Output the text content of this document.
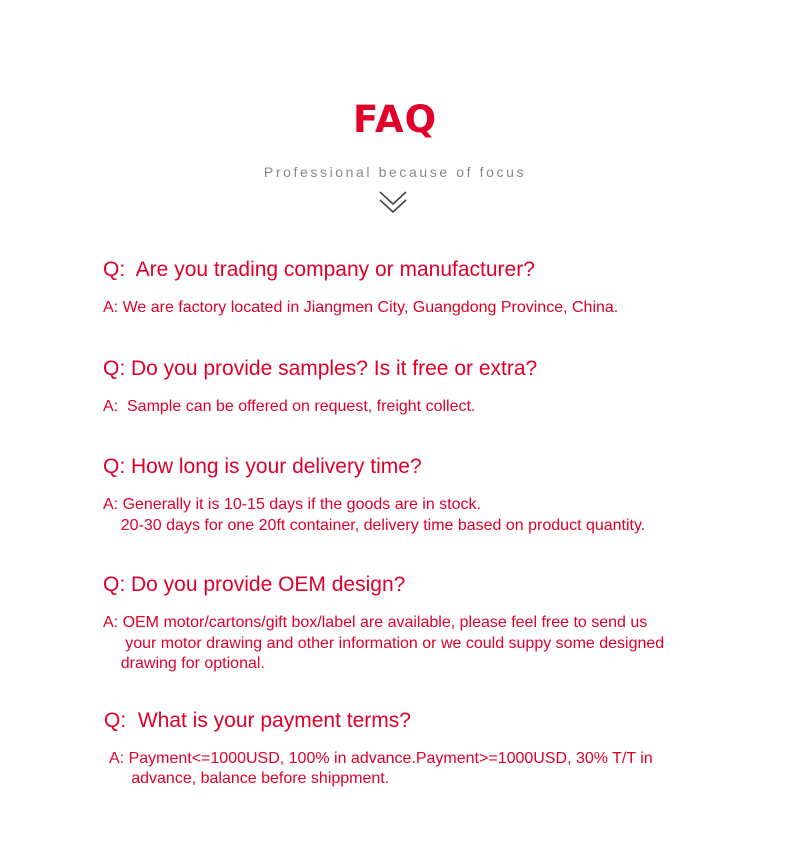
FAQ
Professional because of focus
Q:  Are you trading company or manufacturer?
A: We are factory located in Jiangmen City, Guangdong Province, China.
Q: Do you provide samples? Is it free or extra?
A:  Sample can be offered on request, freight collect.
Q: How long is your delivery time?
A: Generally it is 10-15 days if the goods are in stock.
20-30 days for one 20ft container, delivery time based on product quantity.
Q: Do you provide OEM design?
A: OEM motor/cartons/gift box/label are available, please feel free to send us
your motor drawing and other information or we could suppy some designed
drawing for optional.
Q:  What is your payment terms?
A: Payment<=1000USD, 100% in advance.Payment>=1000USD, 30% T/T in
advance, balance before shippment.
